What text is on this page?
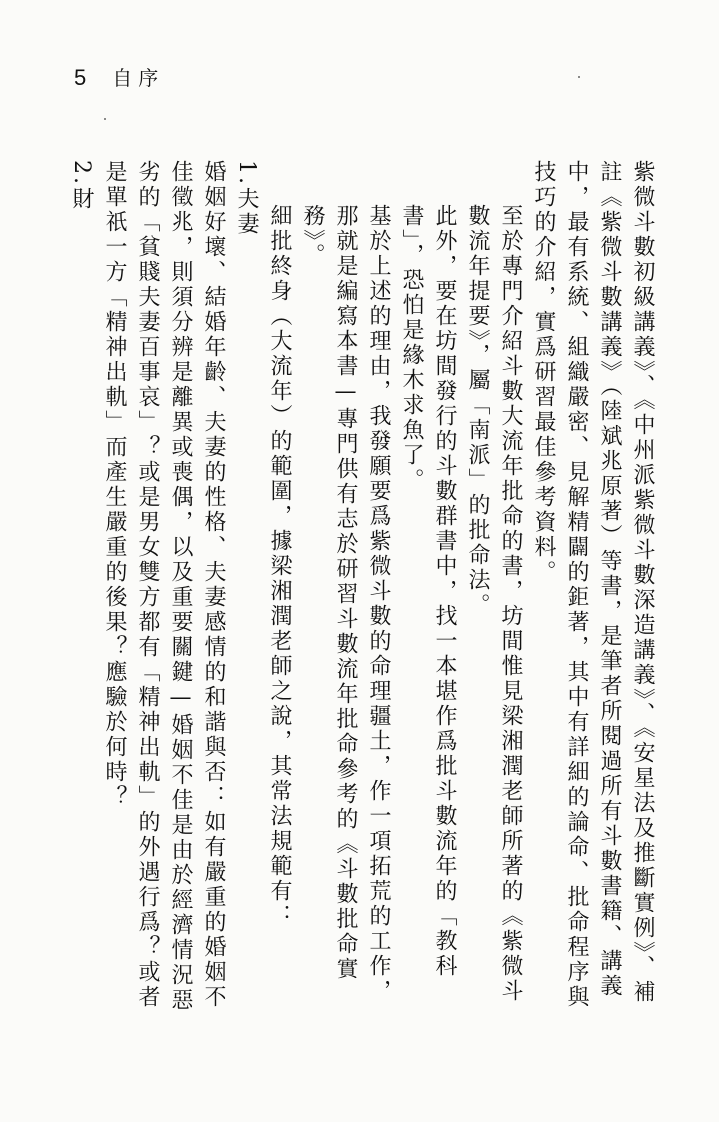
5 自序

紫微斗數初級講義》、《中州派紫微斗數深造講義》、《安星法及推斷實例》、補註《紫微斗數講義》（陸斌兆原著）等書，是筆者所閱過所有斗數書籍、講義中，最有系統、組織嚴密、見解精闢的鉅著，其中有詳細的論命、批命程序與技巧的介紹，實爲研習最佳參考資料。

至於專門介紹斗數大流年批命的書，坊間惟見梁湘潤老師所著的《紫微斗數流年提要》，屬「南派」的批命法。

此外，要在坊間發行的斗數群書中，找一本堪作爲批斗數流年的「教科書」，恐怕是緣木求魚了。

基於上述的理由，我發願要爲紫微斗數的命理疆土，作一項拓荒的工作，那就是編寫本書—專門供有志於研習斗數流年批命參考的《斗數批命實務》。

細批終身（大流年）的範圍，據梁湘潤老師之說，其常法規範有：

1.夫妻

婚姻好壞、結婚年齡、夫妻的性格、夫妻感情的和諧與否：如有嚴重的婚姻不佳徵兆，則須分辨是離異或喪偶，以及重要關鍵—婚姻不佳是由於經濟情況惡劣的「貧賤夫妻百事哀」？或是男女雙方都有「精神出軌」的外遇行爲？或者是單祇一方「精神出軌」而產生嚴重的後果？應驗於何時？

2.財
